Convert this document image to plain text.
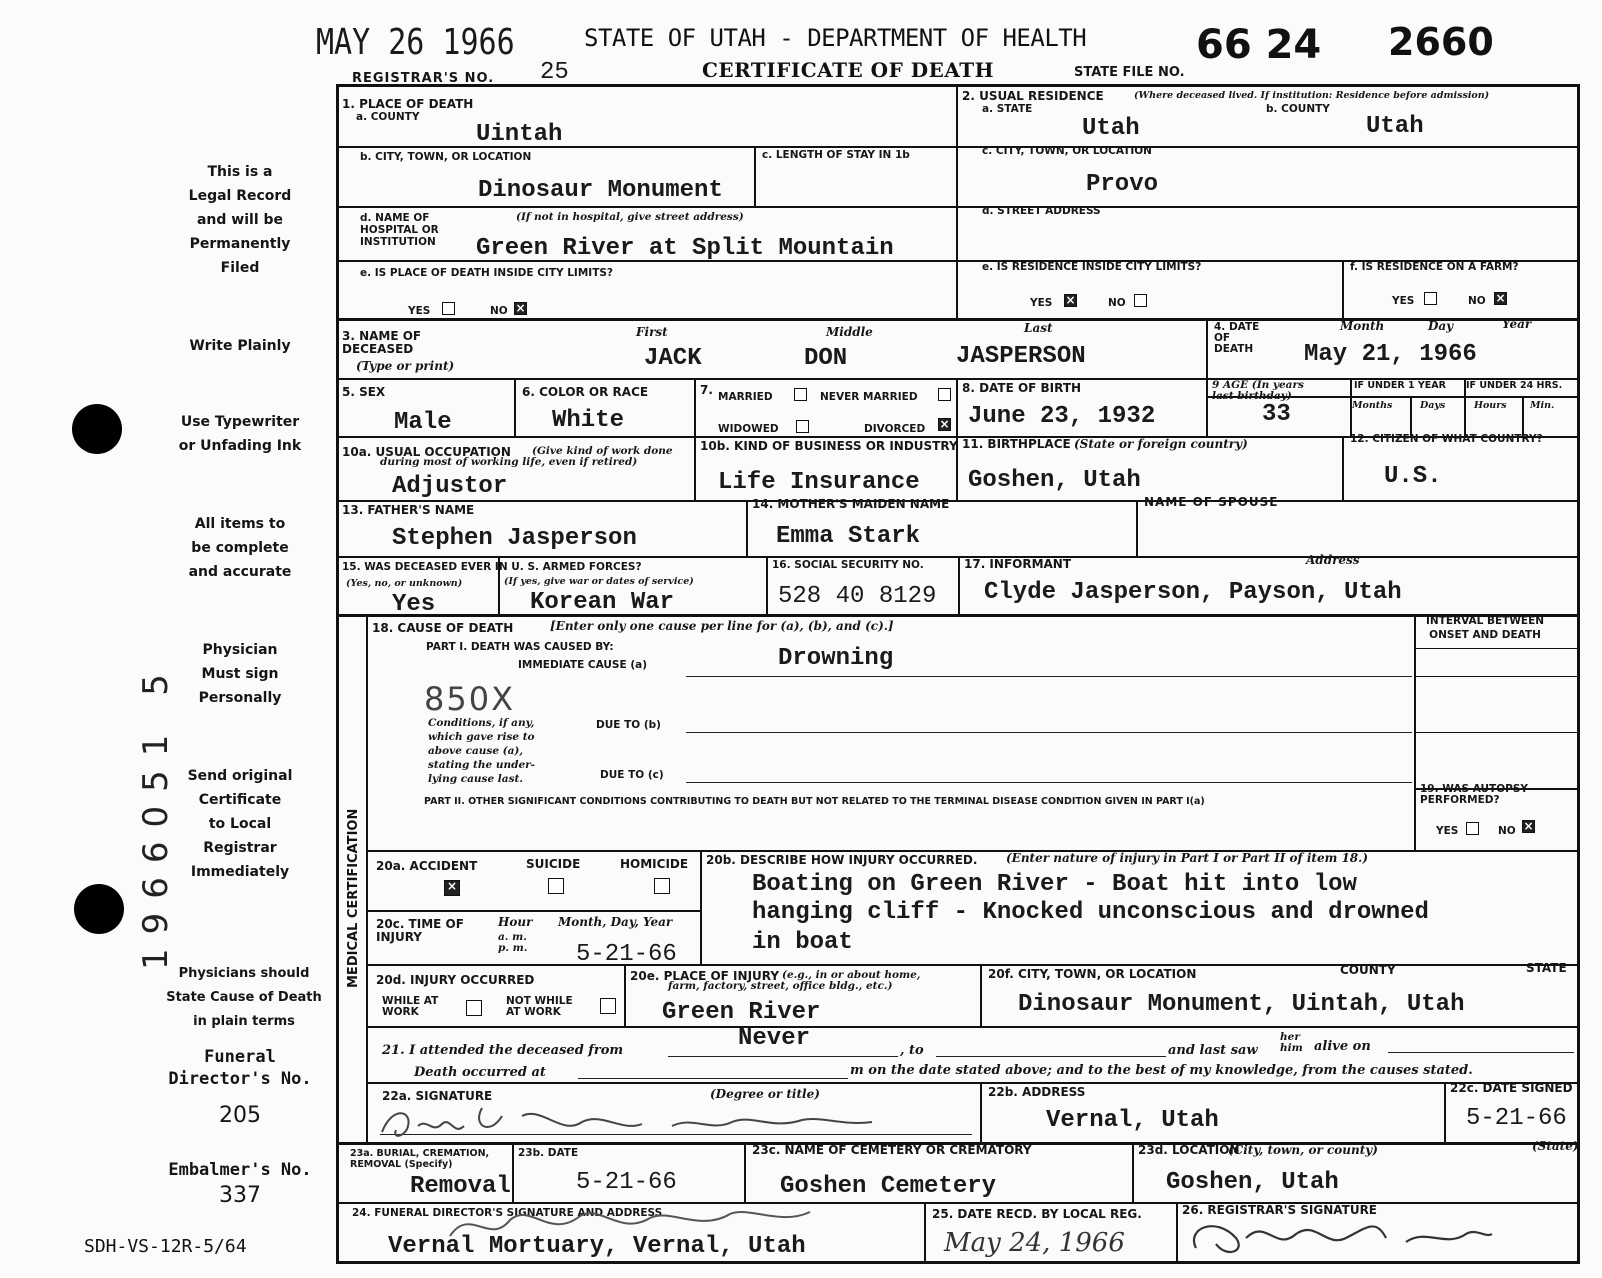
MAY 26 1966	STATE OF UTAH - DEPARTMENT OF HEALTH
REGISTRAR'S NO. 25	CERTIFICATE OF DEATH	STATE FILE NO.
66 24 2660
This is a
Legal Record
and will be
Permanently
Filed
Write Plainly
Use Typewriter
or Unfading Ink
All items to
be complete
and accurate
Physician
Must sign
Personally
Send original
Certificate
to Local
Registrar
Immediately
Physicians should
State Cause of Death
in plain terms
Funeral
Director's No.
205
Embalmer's No.
337
SDH-VS-12R-5/64
1966051 5
1. PLACE OF DEATH
a. COUNTY
Uintah
b. CITY, TOWN, OR LOCATION
Dinosaur Monument
c. LENGTH OF STAY IN 1b
d. NAME OF
HOSPITAL OR
INSTITUTION
(If not in hospital, give street address)
Green River at Split Mountain
e. IS PLACE OF DEATH INSIDE CITY LIMITS?
YES	NO ×
2. USUAL RESIDENCE	(Where deceased lived. If institution: Residence before admission)
a. STATE	b. COUNTY
Utah	Utah
c. CITY, TOWN, OR LOCATION
Provo
d. STREET ADDRESS
e. IS RESIDENCE INSIDE CITY LIMITS?
YES ×	NO
f. IS RESIDENCE ON A FARM?
YES	NO ×
3. NAME OF
DECEASED
(Type or print)
First	Middle	Last
JACK	DON	JASPERSON
4. DATE
OF
DEATH
Month	Day	Year
May 21, 1966
5. SEX
Male
6. COLOR OR RACE
White
7. MARRIED	NEVER MARRIED
WIDOWED	DIVORCED ×
8. DATE OF BIRTH
June 23, 1932
9 AGE (In years
last birthday)
33
IF UNDER 1 YEAR IF UNDER 24 HRS.
Months	Days	Hours Min.
10a. USUAL OCCUPATION	(Give kind of work done
during most of working life, even if retired)
Adjustor
10b. KIND OF BUSINESS OR INDUSTRY
Life Insurance
11. BIRTHPLACE (State or foreign country)
Goshen, Utah
12. CITIZEN OF WHAT COUNTRY?
U.S.
13. FATHER'S NAME
Stephen Jasperson
14. MOTHER'S MAIDEN NAME
Emma Stark
NAME OF SPOUSE
15. WAS DECEASED EVER IN U. S. ARMED FORCES?
(Yes, no, or unknown)	(If yes, give war or dates of service)
Yes	Korean War
16. SOCIAL SECURITY NO.
528 40 8129
17. INFORMANT	Address
Clyde Jasperson, Payson, Utah
MEDICAL CERTIFICATION
18. CAUSE OF DEATH	[Enter only one cause per line for (a), (b), and (c).]
PART I. DEATH WAS CAUSED BY:
IMMEDIATE CAUSE (a)	Drowning
850X
Conditions, if any,
which gave rise to
above cause (a),
stating the under-
lying cause last.
DUE TO (b)
DUE TO (c)
INTERVAL BETWEEN
ONSET AND DEATH
PART II. OTHER SIGNIFICANT CONDITIONS CONTRIBUTING TO DEATH BUT NOT RELATED TO THE TERMINAL DISEASE CONDITION GIVEN IN PART I(a)
19. WAS AUTOPSY
PERFORMED?
YES	NO ×
20a. ACCIDENT	SUICIDE	HOMICIDE
×
20b. DESCRIBE HOW INJURY OCCURRED. (Enter nature of injury in Part I or Part II of item 18.)
Boating on Green River - Boat hit into low
hanging cliff - Knocked unconscious and drowned
in boat
20c. TIME OF
INJURY
Hour
a. m.
p. m.
Month, Day, Year
5-21-66
20d. INJURY OCCURRED
WHILE AT
WORK
NOT WHILE
AT WORK
20e. PLACE OF INJURY (e.g., in or about home,
farm, factory, street, office bldg., etc.)
Green River
20f. CITY, TOWN, OR LOCATION	COUNTY	STATE
Dinosaur Monument, Uintah, Utah
21. I attended the deceased from	Never	, to	and last saw
her
him alive on
Death occurred at	m on the date stated above; and to the best of my knowledge, from the causes stated.
22a. SIGNATURE	(Degree or title)	22b. ADDRESS
Vernal, Utah
22c. DATE SIGNED
5-21-66
23a. BURIAL, CREMATION,
REMOVAL (Specify)
Removal
23b. DATE
5-21-66
23c. NAME OF CEMETERY OR CREMATORY
Goshen Cemetery
23d. LOCATION
(City, town, or county)	(State)
Goshen, Utah
24. FUNERAL DIRECTOR'S SIGNATURE AND ADDRESS
Vernal Mortuary, Vernal, Utah
25. DATE RECD. BY LOCAL REG.
May 24, 1966
26. REGISTRAR'S SIGNATURE
